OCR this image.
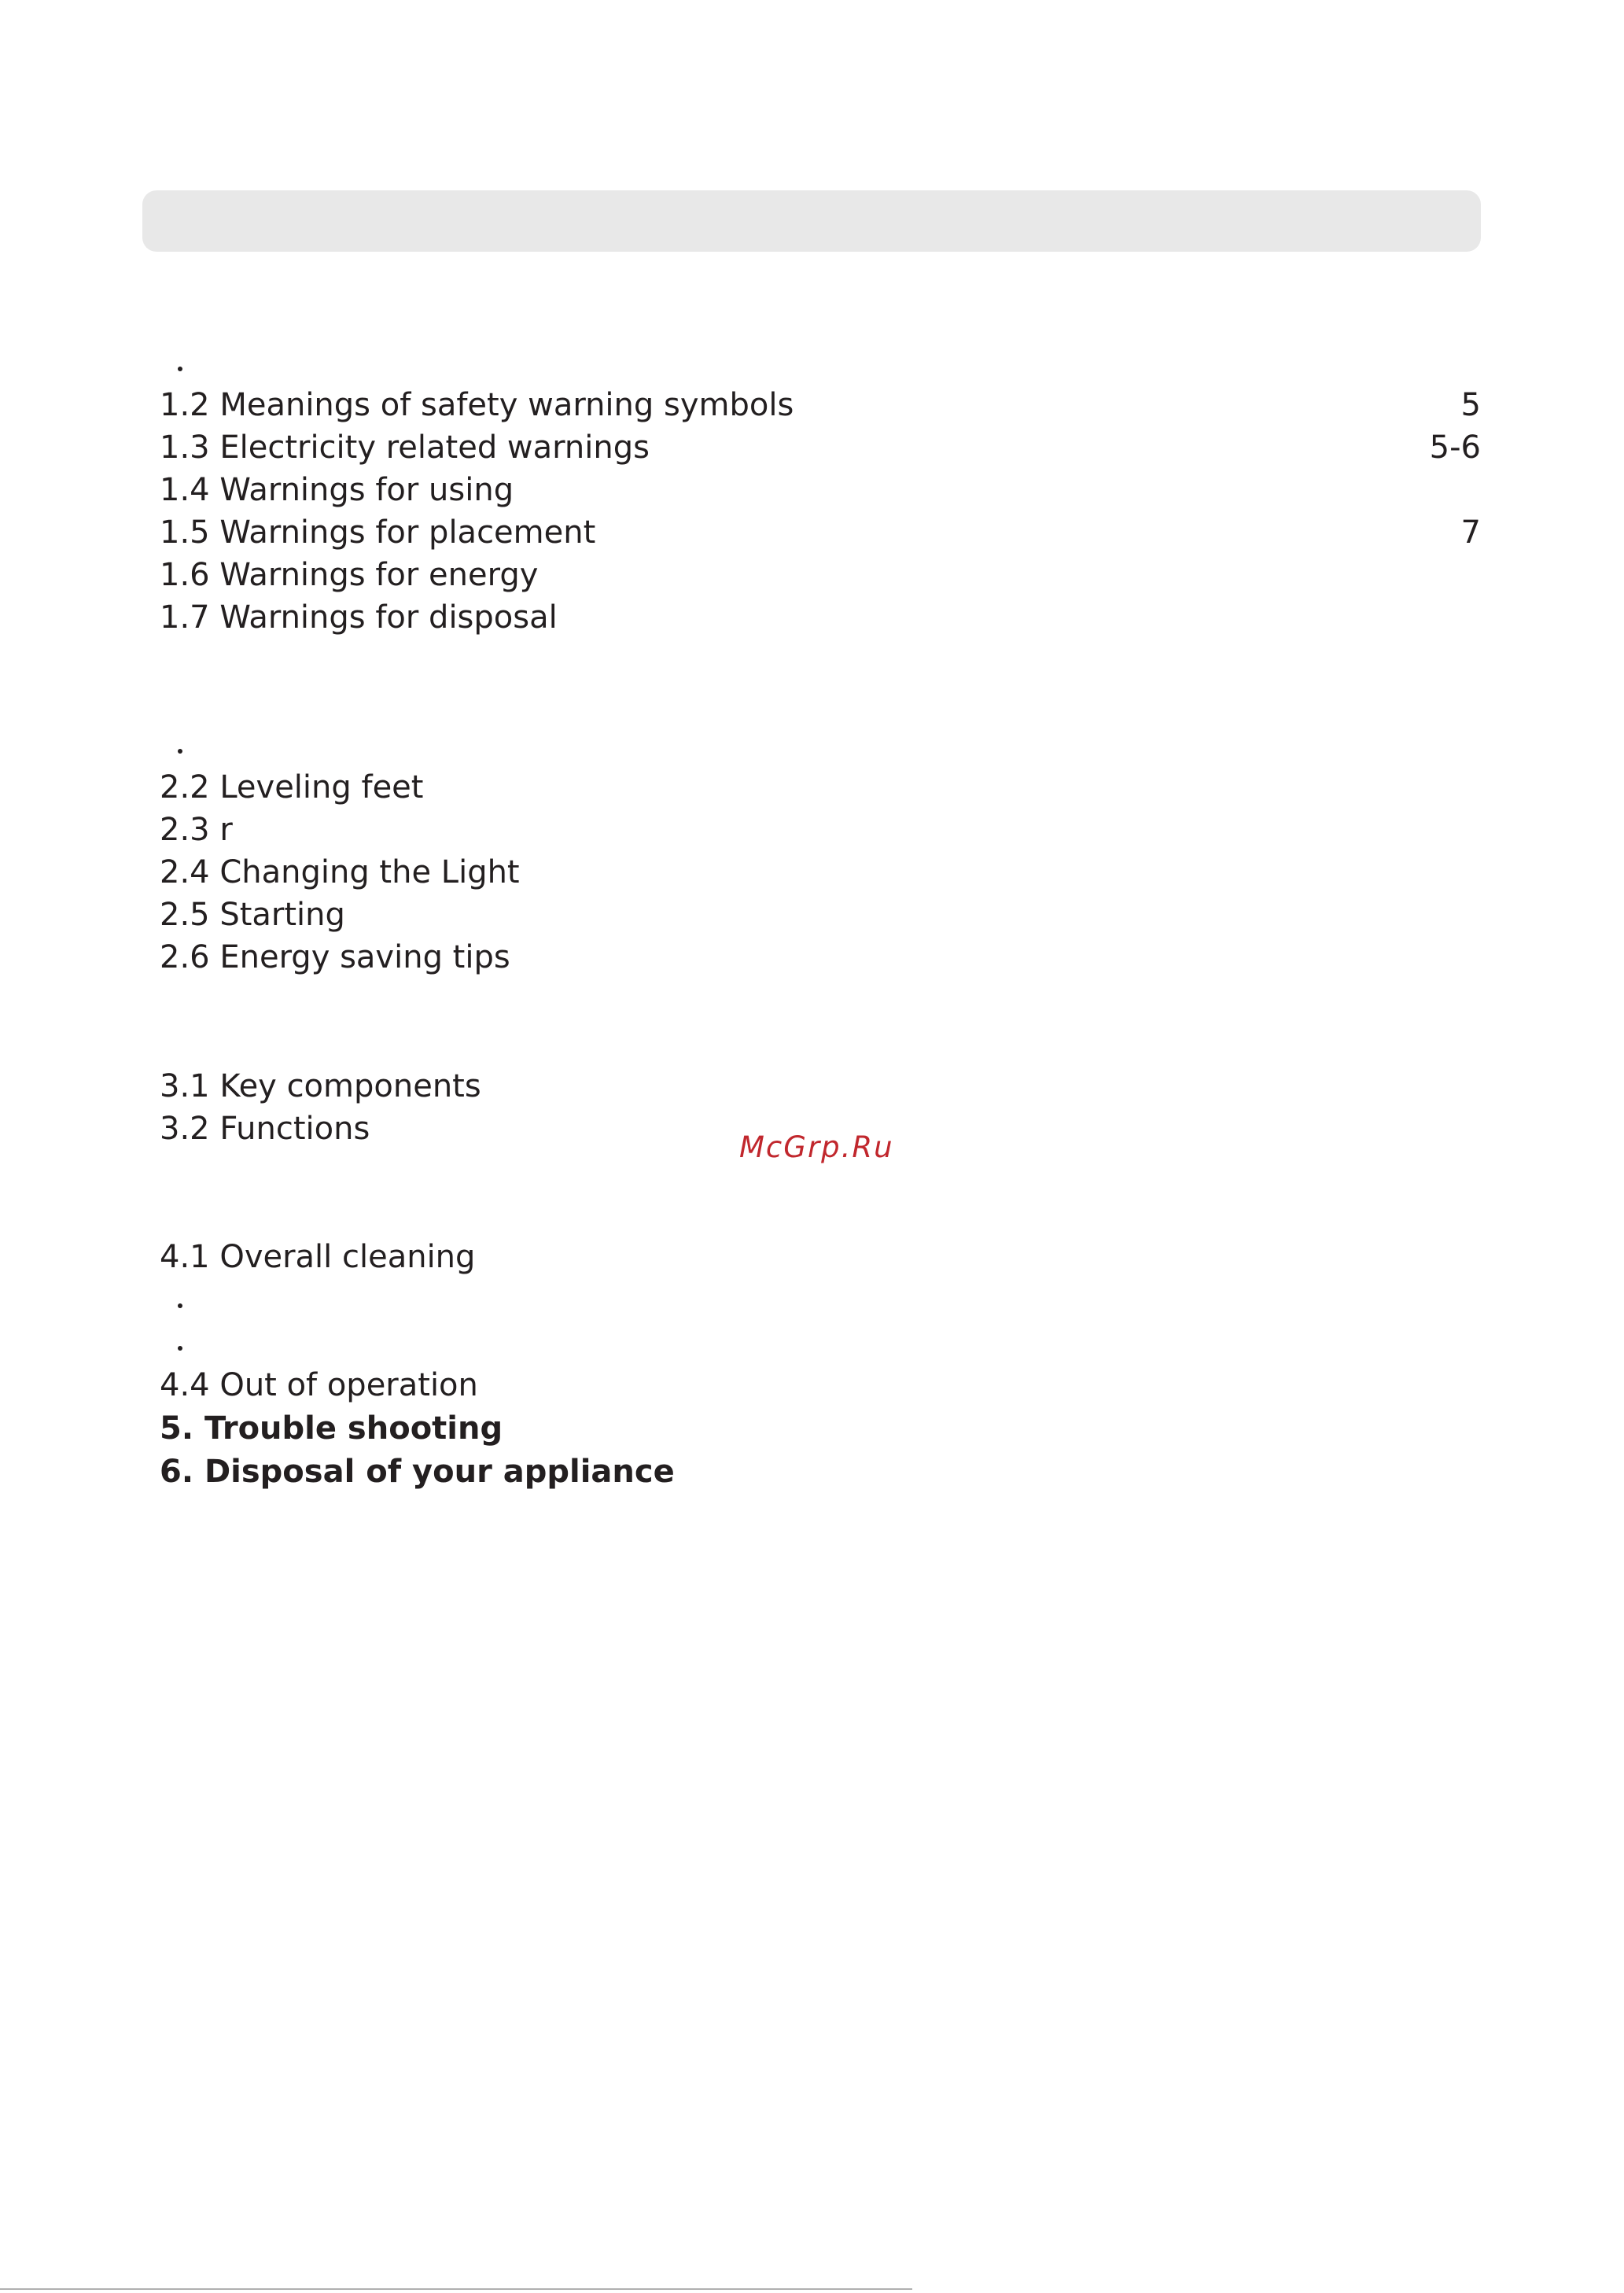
1.2 Meanings of safety warning symbols	5
1.3 Electricity related warnings	5-6
1.4 Warnings for using
1.5 Warnings for placement	7
1.6 Warnings for energy
1.7 Warnings for disposal
2.2 Leveling feet
2.3 r
2.4 Changing the Light
2.5 Starting
2.6 Energy saving tips
3.1 Key components
3.2 Functions
McGrp.Ru
4.1 Overall cleaning
4.4 Out of operation
5. Trouble shooting
6. Disposal of your appliance
